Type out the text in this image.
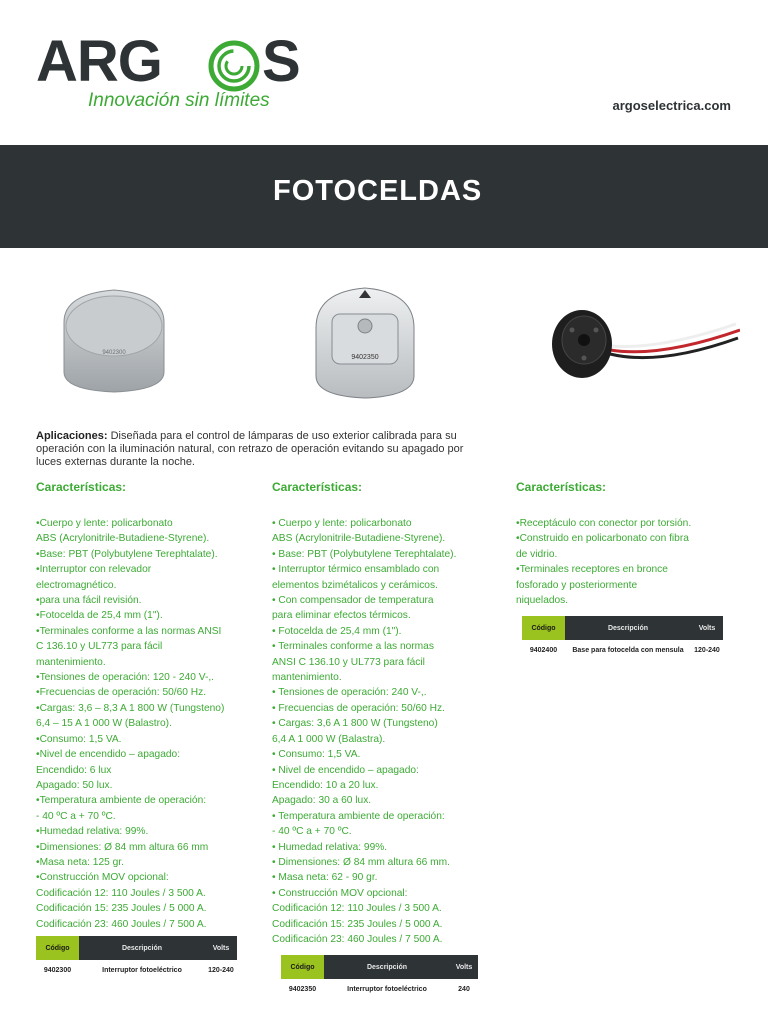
ARG S
Innovación sin límites	argoselectrica.com
FOTOCELDAS
9402300
9402350
Aplicaciones: Diseñada para el control de lámparas de uso exterior calibrada para su operación con la iluminación natural, con retrazo de operación evitando su apagado por luces externas durante la noche.
Características:
•Cuerpo y lente: policarbonato
ABS (Acrylonitrile-Butadiene-Styrene).
•Base: PBT (Polybutylene Terephtalate).
•Interruptor con relevador
electromagnético.
•para una fácil revisión.
•Fotocelda de 25,4 mm (1").
•Terminales conforme a las normas ANSI
C 136.10 y UL773 para fácil
mantenimiento.
•Tensiones de operación: 120 - 240 V-,.
•Frecuencias de operación: 50/60 Hz.
•Cargas: 3,6 – 8,3 A 1 800 W (Tungsteno)
6,4 – 15 A 1 000 W (Balastro).
•Consumo: 1,5 VA.
•Nivel de encendido – apagado:
Encendido: 6 lux
Apagado: 50 lux.
•Temperatura ambiente de operación:
- 40 ºC a + 70 ºC.
•Humedad relativa: 99%.
•Dimensiones: Ø 84 mm altura 66 mm
•Masa neta: 125 gr.
•Construcción MOV opcional:
Codificación 12: 110 Joules / 3 500 A.
Codificación 15: 235 Joules / 5 000 A.
Codificación 23: 460 Joules / 7 500 A.
Código	Descripción	Volts
9402300	Interruptor fotoeléctrico	120-240
Características:
• Cuerpo y lente: policarbonato
ABS (Acrylonitrile-Butadiene-Styrene).
• Base: PBT (Polybutylene Terephtalate).
• Interruptor térmico ensamblado con
elementos bzimétalicos y cerámicos.
• Con compensador de temperatura
para eliminar efectos térmicos.
• Fotocelda de 25,4 mm (1").
• Terminales conforme a las normas
ANSI C 136.10 y UL773 para fácil
mantenimiento.
• Tensiones de operación: 240 V-,.
• Frecuencias de operación: 50/60 Hz.
• Cargas: 3,6 A 1 800 W (Tungsteno)
6,4 A 1 000 W (Balastra).
• Consumo: 1,5 VA.
• Nivel de encendido – apagado:
Encendido: 10 a 20 lux.
Apagado: 30 a 60 lux.
• Temperatura ambiente de operación:
- 40 ºC a + 70 ºC.
• Humedad relativa: 99%.
• Dimensiones: Ø 84 mm altura 66 mm.
• Masa neta: 62 - 90 gr.
• Construcción MOV opcional:
Codificación 12: 110 Joules / 3 500 A.
Codificación 15: 235 Joules / 5 000 A.
Codificación 23: 460 Joules / 7 500 A.
Código	Descripción	Volts
9402350	Interruptor fotoeléctrico	240
Características:
•Receptáculo con conector por torsión.
•Construido en policarbonato con fibra
de vidrio.
•Terminales receptores en bronce
fosforado y posteriormente
niquelados.
Código	Descripción	Volts
9402400	Base para fotocelda con mensula	120-240
